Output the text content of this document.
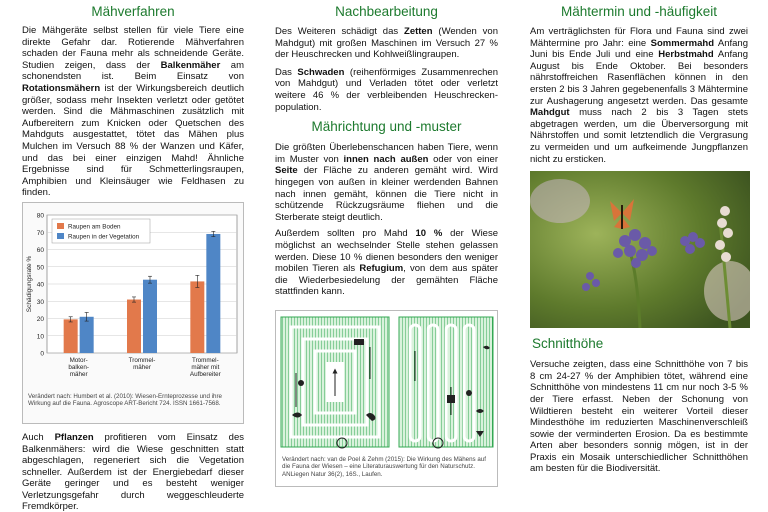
Mähverfahren

Die Mähgeräte selbst stellen für viele Tiere eine direkte Gefahr dar. Rotierende Mähverfahren schaden der Fauna mehr als schneidende Geräte. Studien zeigen, dass der Balkenmäher am schonendsten ist. Beim Einsatz von Rotationsmähern ist der Wirkungsbereich deutlich größer, sodass mehr Insekten verletzt oder getötet werden. Sind die Mähmaschinen zusätzlich mit Aufbereitern zum Knicken oder Quetschen des Mahdguts ausgestattet, tötet das Mähen plus Mulchen im Versuch 88 % der Wanzen und Käfer, und das bei einer einzigen Mahd! Ähnliche Ergebnisse sind für Schmetterlingsraupen, Amphibien und Kleinsäuger wie Feldhasen zu finden.

0
10
20
30
40
50
60
70
80
Schädigungsrate %
Motor-
balken-
mäher
Trommel-
mäher
Trommel-
mäher mit
Aufbereiter
Raupen am Boden
Raupen in der Vegetation
Verändert nach: Humbert et al. (2010): Wiesen-Ernteprozesse und ihre Wirkung auf die Fauna. Agroscope ART-Bericht 724. ISSN 1661-7568.

Auch Pflanzen profitieren vom Einsatz des Balkenmähers: wird die Wiese geschnitten statt abgeschlagen, regeneriert sich die Vegetation schneller. Außerdem ist der Energiebedarf dieser Geräte geringer und es besteht weniger Verletzungsgefahr durch weggeschleuderte Fremdkörper.

Nachbearbeitung

Des Weiteren schädigt das Zetten (Wenden von Mahdgut) mit großen Maschinen im Versuch 27 % der Heuschrecken und Kohlweißlingraupen.

Das Schwaden (reihenförmiges Zusammenrechen von Mahdgut) und Verladen tötet oder verletzt weitere 46 % der verbleibenden Heuschrecken-population.

Mährichtung und -muster

Die größten Überlebenschancen haben Tiere, wenn im Muster von innen nach außen oder von einer Seite der Fläche zu anderen gemäht wird. Wird hingegen von außen in kleiner werdenden Bahnen nach innen gemäht, können die Tiere nicht in schützende Rückzugsräume fliehen und die Sterberate steigt deutlich.

Außerdem sollten pro Mahd 10 % der Wiese möglichst an wechselnder Stelle stehen gelassen werden. Diese 10 % dienen besonders den weniger mobilen Tieren als Refugium, von dem aus später die Wiederbesiedelung der gemähten Fläche stattfinden kann.

Verändert nach: van de Poel & Zehm (2015): Die Wirkung des Mähens auf die Fauna der Wiesen – eine Literaturauswertung für den Naturschutz. ANLiegen Natur 36(2), 16S., Laufen.
Mähtermin und -häufigkeit

Am verträglichsten für Flora und Fauna sind zwei Mähtermine pro Jahr: eine Sommermahd Anfang Juni bis Ende Juli und eine Herbstmahd Anfang August bis Ende Oktober. Bei besonders nährstoffreichen Rasenflächen können in den ersten 2 bis 3 Jahren gegebenenfalls 3 Mähtermine zur Aushagerung angesetzt werden. Das gesamte Mahdgut muss nach 2 bis 3 Tagen stets abgetragen werden, um die Überversorgung mit Nährstoffen und somit letztendlich die Vergrasung zu vermeiden und um aufkeimende Jungpflanzen nicht zu ersticken.

Schnitthöhe

Versuche zeigten, dass eine Schnitthöhe von 7 bis 8 cm 24-27 % der Amphibien tötet, während eine Schnitthöhe von mindestens 11 cm nur noch 3-5 % der Tiere erfasst. Neben der Schonung von Wildtieren besteht ein weiterer Vorteil dieser Mindesthöhe im reduzierten Maschinenverschleiß sowie der verminderten Erosion. Da es bestimmte Arten aber besonders sonnig mögen, ist in der Praxis ein Mosaik unterschiedlicher Schnitthöhen am besten für die Biodiversität.
